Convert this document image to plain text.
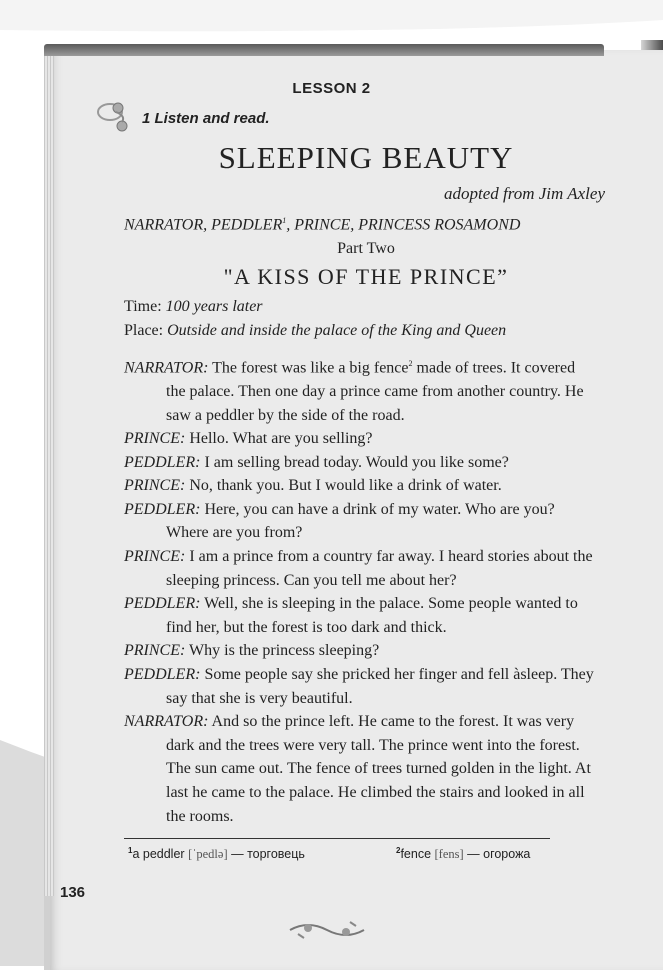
LESSON 2
1 Listen and read.
SLEEPING BEAUTY
adopted from Jim Axley
NARRATOR, PEDDLER$^1$, PRINCE, PRINCESS ROSAMOND
Part Two
"A KISS OF THE PRINCE”
Time: 100 years later
Place: Outside and inside the palace of the King and Queen

NARRATOR: The forest was like a big fence$^2$ made of trees. It covered the palace. Then one day a prince came from another country. He saw a peddler by the side of the road.

PRINCE: Hello. What are you selling?

PEDDLER: I am selling bread today. Would you like some?

PRINCE: No, thank you. But I would like a drink of water.

PEDDLER: Here, you can have a drink of my water. Who are you? Where are you from?

PRINCE: I am a prince from a country far away. I heard stories about the sleeping princess. Can you tell me about her?

PEDDLER: Well, she is sleeping in the palace. Some people wanted to find her, but the forest is too dark and thick.

PRINCE: Why is the princess sleeping?

PEDDLER: Some people say she pricked her finger and fell àsleep. They say that she is very beautiful.

NARRATOR: And so the prince left. He came to the forest. It was very dark and the trees were very tall. The prince went into the forest. The sun came out. The fence of trees turned golden in the light. At last he came to the palace. He climbed the stairs and looked in all the rooms.

$^1$a peddler [ˈpedlə] — торговець	$^2$fence [fens] — огорожа
136
